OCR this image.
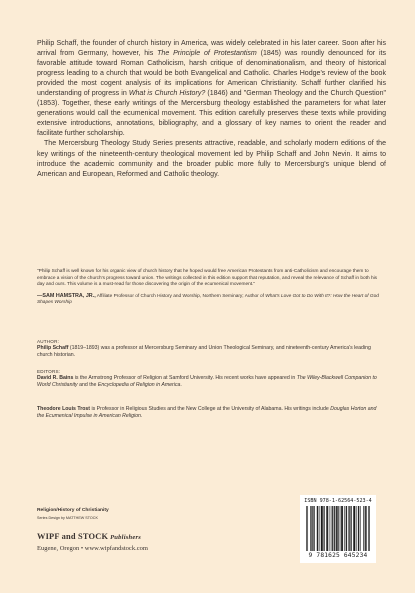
Philip Schaff, the founder of church history in America, was widely celebrated in his later career. Soon after his arrival from Germany, however, his The Principle of Protestantism (1845) was roundly denounced for its favorable attitude toward Roman Catholicism, harsh critique of denominationalism, and theory of historical progress leading to a church that would be both Evangelical and Catholic. Charles Hodge's review of the book provided the most cogent analysis of its implications for American Christianity. Schaff further clarified his understanding of progress in What is Church History? (1846) and "German Theology and the Church Question" (1853). Together, these early writings of the Mercersburg theology established the parameters for what later generations would call the ecumenical movement. This edition carefully preserves these texts while providing extensive introductions, annotations, bibliography, and a glossary of key names to orient the reader and facilitate further scholarship.

The Mercersburg Theology Study Series presents attractive, readable, and scholarly modern editions of the key writings of the nineteenth-century theological movement led by Philip Schaff and John Nevin. It aims to introduce the academic community and the broader public more fully to Mercersburg's unique blend of American and European, Reformed and Catholic theology.

"Philip Schaff is well known for his organic view of church history that he hoped would free American Protestants from anti-Catholicism and encourage them to embrace a vision of the church's progress toward union. The writings collected in this edition support that reputation, and reveal the relevance of Schaff in both his day and ours. This volume is a must-read for those discovering the origin of the ecumenical movement."

—SAM HAMSTRA, JR., Affiliate Professor of Church History and Worship, Northern Seminary; Author of What's Love Got to Do With It?: How the Heart of God Shapes Worship

AUTHOR:

Philip Schaff (1819–1893) was a professor at Mercersburg Seminary and Union Theological Seminary, and nineteenth-century America's leading church historian.

EDITORS:

David R. Bains is the Armstrong Professor of Religion at Samford University. His recent works have appeared in The Wiley-Blackwell Companion to World Christianity and the Encyclopedia of Religion in America.

Theodore Louis Trost is Professor in Religious Studies and the New College at the University of Alabama. His writings include Douglas Horton and the Ecumenical Impulse in American Religion.

Religion/History of Christianity

Series Design by MATTHEW STOCK

WIPF and STOCK Publishers

Eugene, Oregon • www.wipfandstock.com

ISBN 978-1-62564-523-4

9 781625 645234
